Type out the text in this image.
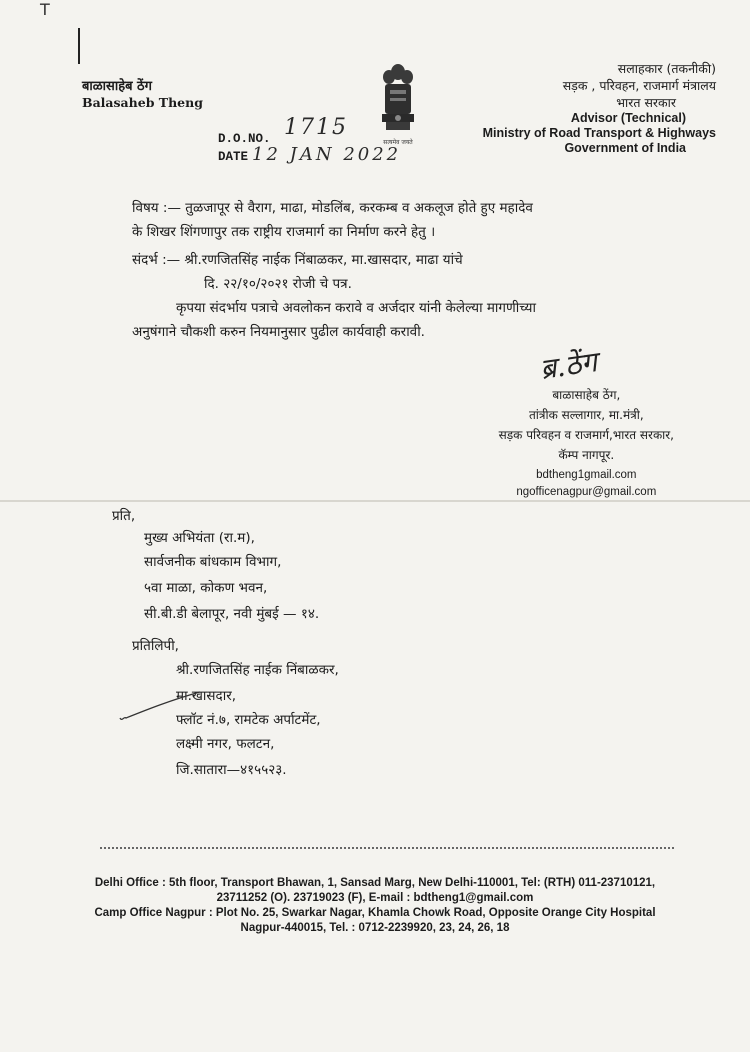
T
बाळासाहेब ठेंग
Balasaheb Theng
सत्यमेव जयते
सलाहकार (तकनीकी)
सड़क , परिवहन, राजमार्ग मंत्रालय
भारत सरकार
Advisor (Technical)
Ministry of Road Transport & Highways
Government of India
D.O.NO. 1715
DATE 12 JAN 2022
विषय :— तुळजापूर से वैराग, माढा, मोडलिंब, करकम्ब व अकलूज होते हुए महादेव
के शिखर शिंगणापुर तक राष्ट्रीय राजमार्ग का निर्माण करने हेतु ।
संदर्भ :— श्री.रणजितसिंह नाईक निंबाळकर, मा.खासदार, माढा यांचे
दि. २२/१०/२०२१ रोजी चे पत्र.
कृपया संदर्भाय पत्राचे अवलोकन करावे व अर्जदार यांनी केलेल्या मागणीच्या
अनुषंगाने चौकशी करुन नियमानुसार पुढील कार्यवाही करावी.
ब्र.ठेंग
बाळासाहेब ठेंग,
तांत्रीक सल्लागार, मा.मंत्री,
सड़क परिवहन व राजमार्ग,भारत सरकार,
कॅम्प नागपूर.
bdtheng1gmail.com
ngofficenagpur@gmail.com
प्रति,
मुख्य अभियंता (रा.म),
सार्वजनीक बांधकाम विभाग,
५वा माळा, कोकण भवन,
सी.बी.डी बेलापूर, नवी मुंबई — १४.
प्रतिलिपी,
श्री.रणजितसिंह नाईक निंबाळकर,
मा.खासदार,
फ्लॉट नं.७, रामटेक अर्पाटमेंट,
लक्ष्मी नगर, फलटन,
जि.सातारा—४१५५२३.
Delhi Office : 5th floor, Transport Bhawan, 1, Sansad Marg, New Delhi-110001, Tel: (RTH) 011-23710121,
23711252 (O). 23719023 (F), E-mail : bdtheng1@gmail.com
Camp Office Nagpur : Plot No. 25, Swarkar Nagar, Khamla Chowk Road, Opposite Orange City Hospital
Nagpur-440015, Tel. : 0712-2239920, 23, 24, 26, 18
